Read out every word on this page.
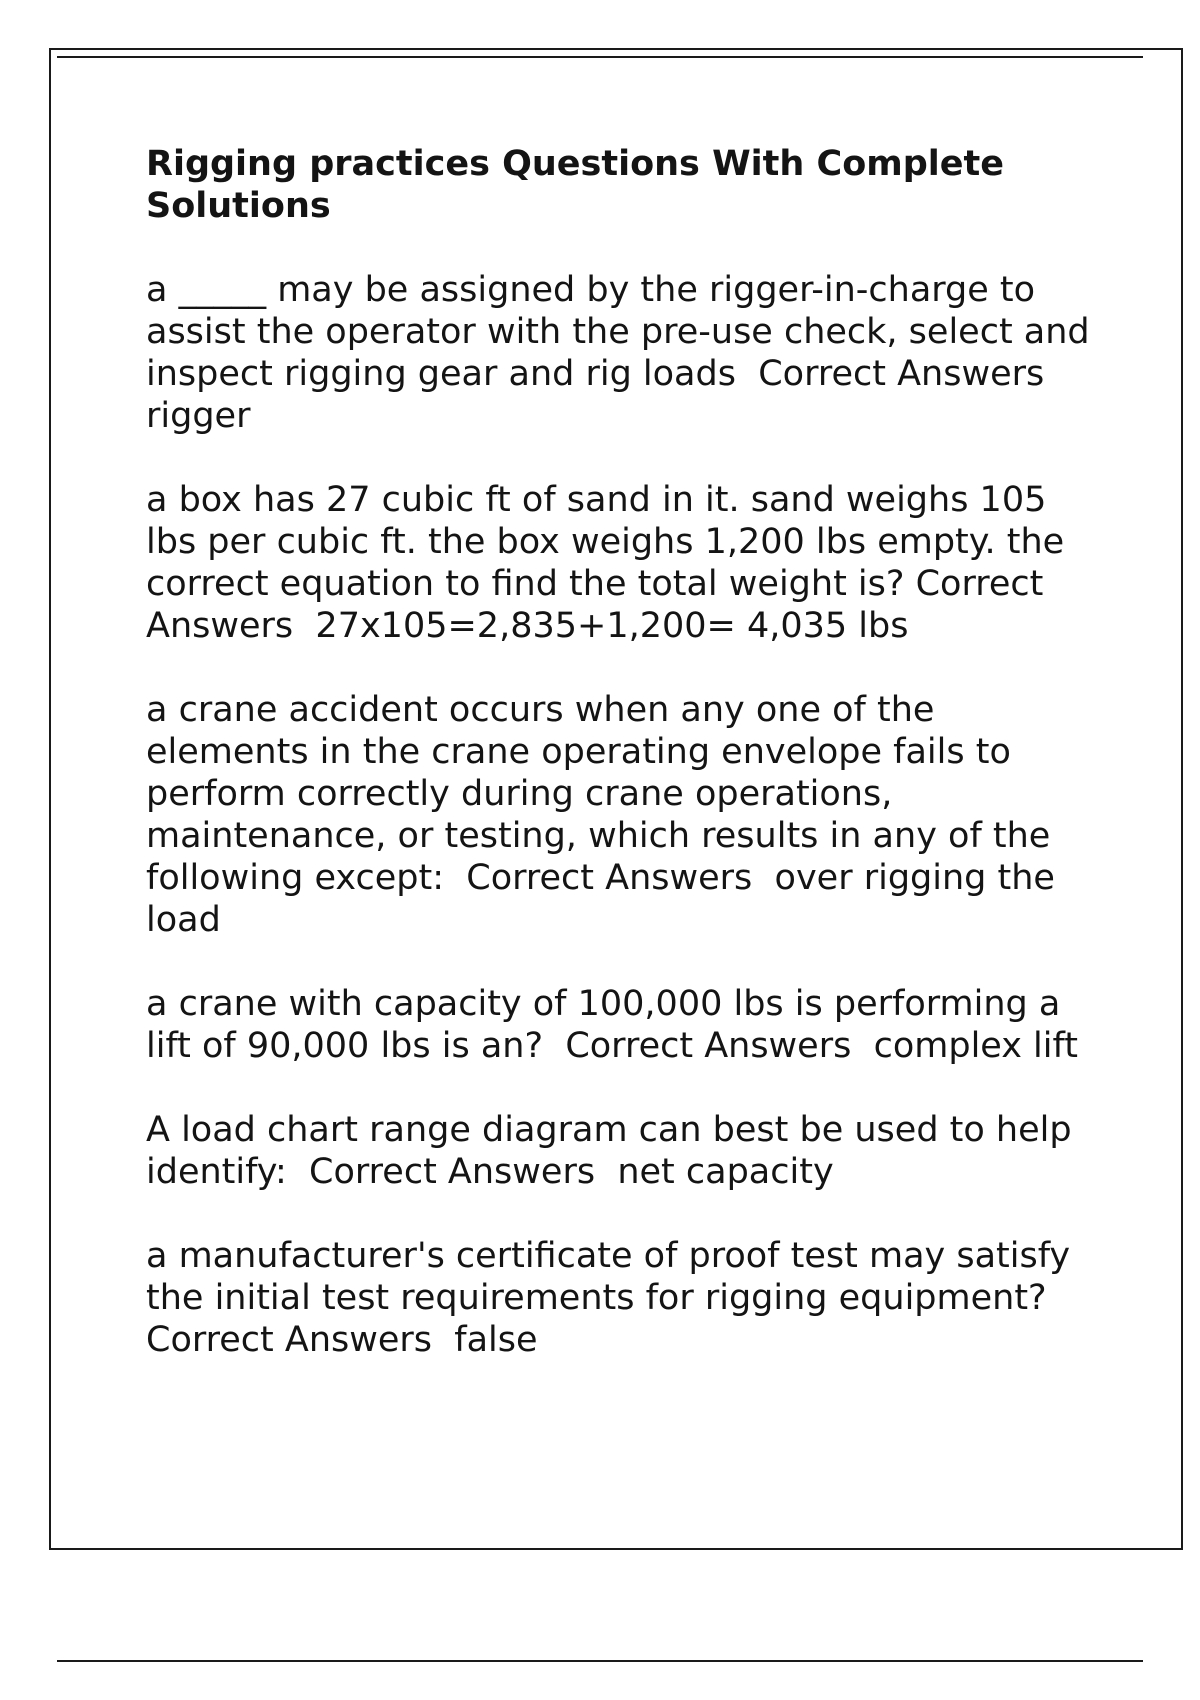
Rigging practices Questions With Complete Solutions

a _____ may be assigned by the rigger-in-charge to assist the operator with the pre-use check, select and inspect rigging gear and rig loads Correct Answers  rigger

a box has 27 cubic ft of sand in it. sand weighs 105 lbs per cubic ft. the box weighs 1,200 lbs empty. the correct equation to find the total weight is? Correct Answers 27x105=2,835+1,200= 4,035 lbs

a crane accident occurs when any one of the elements in the crane operating envelope fails to perform correctly during crane operations, maintenance, or testing, which results in any of the following except: Correct Answers over rigging the load

a crane with capacity of 100,000 lbs is performing a lift of 90,000 lbs is an? Correct Answers complex lift

A load chart range diagram can best be used to help identify: Correct Answers net capacity

a manufacturer's certificate of proof test may satisfy the initial test requirements for rigging equipment?  Correct Answers false
